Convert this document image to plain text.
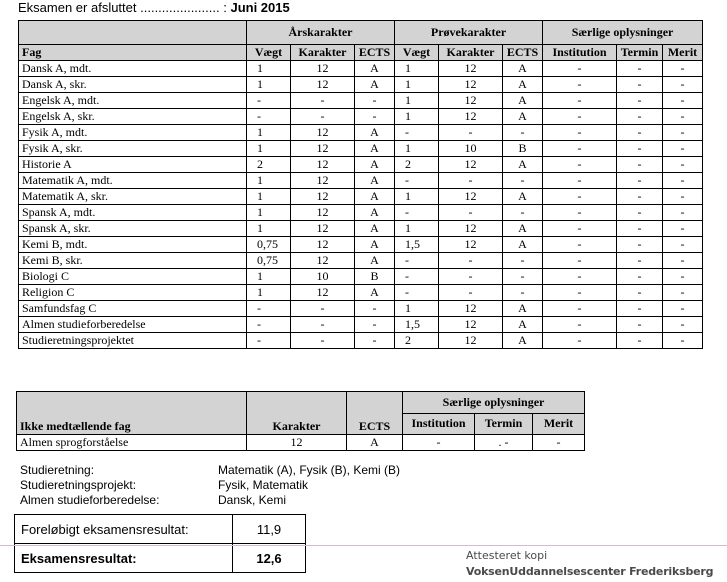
Eksamen er afsluttet ...................... : Juni 2015
	Årskarakter			Prøvekarakter			Særlige oplysninger		
Fag	Vægt	Karakter	ECTS	Vægt	Karakter	ECTS	Institution	Termin	Merit
Dansk A, mdt.	1	12	A	1	12	A	-	-	-
Dansk A, skr.	1	12	A	1	12	A	-	-	-
Engelsk A, mdt.	-	-	-	1	12	A	-	-	-
Engelsk A, skr.	-	-	-	1	12	A	-	-	-
Fysik A, mdt.	1	12	A	-	-	-	-	-	-
Fysik A, skr.	1	12	A	1	10	B	-	-	-
Historie A	2	12	A	2	12	A	-	-	-
Matematik A, mdt.	1	12	A	-	-	-	-	-	-
Matematik A, skr.	1	12	A	1	12	A	-	-	-
Spansk A, mdt.	1	12	A	-	-	-	-	-	-
Spansk A, skr.	1	12	A	1	12	A	-	-	-
Kemi B, mdt.	0,75	12	A	1,5	12	A	-	-	-
Kemi B, skr.	0,75	12	A	-	-	-	-	-	-
Biologi C	1	10	B	-	-	-	-	-	-
Religion C	1	12	A	-	-	-	-	-	-
Samfundsfag C	-	-	-	1	12	A	-	-	-
Almen studieforberedelse	-	-	-	1,5	12	A	-	-	-
Studieretningsprojektet	-	-	-	2	12	A	-	-	-
Ikke medtællende fag	Karakter	ECTS	Særlige oplysninger		
			Institution	Termin	Merit
Almen sprogforståelse	12	A	-	. -	-
Studieretning:	Matematik (A), Fysik (B), Kemi (B)
Studieretningsprojekt:	Fysik, Matematik
Almen studieforberedelse:	Dansk, Kemi
Foreløbigt eksamensresultat:	11,9
Eksamensresultat:	12,6	Attesteret kopi
VoksenUddannelsescenter Frederiksberg
